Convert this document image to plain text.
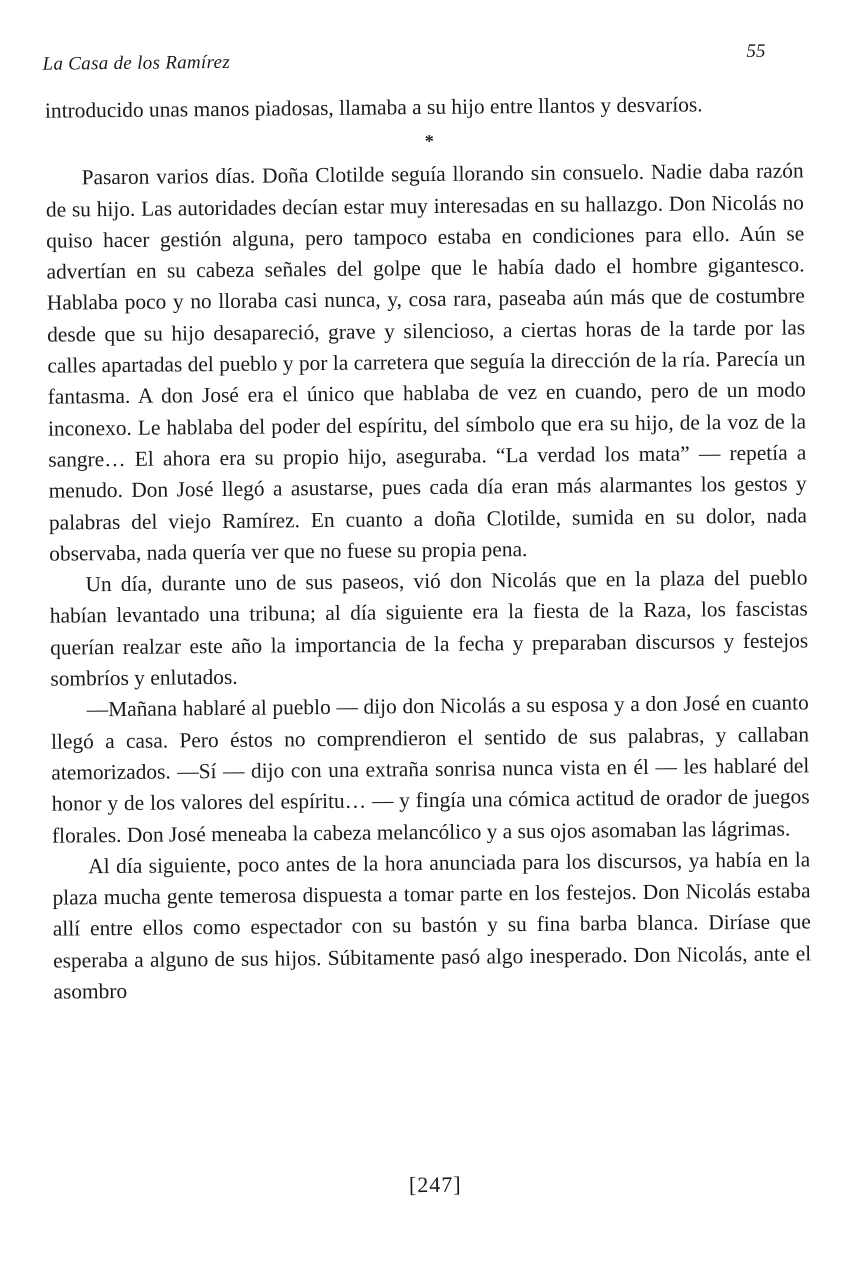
La Casa de los Ramírez
55

introducido unas manos piadosas, llamaba a su hijo entre llantos y desvaríos.

*

Pasaron varios días. Doña Clotilde seguía llorando sin consuelo. Nadie daba razón de su hijo. Las autoridades decían estar muy interesadas en su hallazgo. Don Nicolás no quiso hacer gestión alguna, pero tampoco estaba en condiciones para ello. Aún se advertían en su cabeza señales del golpe que le había dado el hombre gigantesco. Hablaba poco y no lloraba casi nunca, y, cosa rara, paseaba aún más que de costumbre desde que su hijo desapareció, grave y silencioso, a ciertas horas de la tarde por las calles apartadas del pueblo y por la carretera que seguía la dirección de la ría. Parecía un fantasma. A don José era el único que hablaba de vez en cuando, pero de un modo inconexo. Le hablaba del poder del espíritu, del símbolo que era su hijo, de la voz de la sangre… El ahora era su propio hijo, aseguraba. “La verdad los mata” — repetía a menudo. Don José llegó a asustarse, pues cada día eran más alarmantes los gestos y palabras del viejo Ramírez. En cuanto a doña Clotilde, sumida en su dolor, nada observaba, nada quería ver que no fuese su propia pena.

Un día, durante uno de sus paseos, vió don Nicolás que en la plaza del pueblo habían levantado una tribuna; al día siguiente era la fiesta de la Raza, los fascistas querían realzar este año la importancia de la fecha y preparaban discursos y festejos sombríos y enlutados.

—Mañana hablaré al pueblo — dijo don Nicolás a su esposa y a don José en cuanto llegó a casa. Pero éstos no comprendieron el sentido de sus palabras, y callaban atemorizados. —Sí — dijo con una extraña sonrisa nunca vista en él — les hablaré del honor y de los valores del espíritu… — y fingía una cómica actitud de orador de juegos florales. Don José meneaba la cabeza melancólico y a sus ojos asomaban las lágrimas.

Al día siguiente, poco antes de la hora anunciada para los discursos, ya había en la plaza mucha gente temerosa dispuesta a tomar parte en los festejos. Don Nicolás estaba allí entre ellos como espectador con su bastón y su fina barba blanca. Diríase que esperaba a alguno de sus hijos. Súbitamente pasó algo inesperado. Don Nicolás, ante el asombro

[247]
